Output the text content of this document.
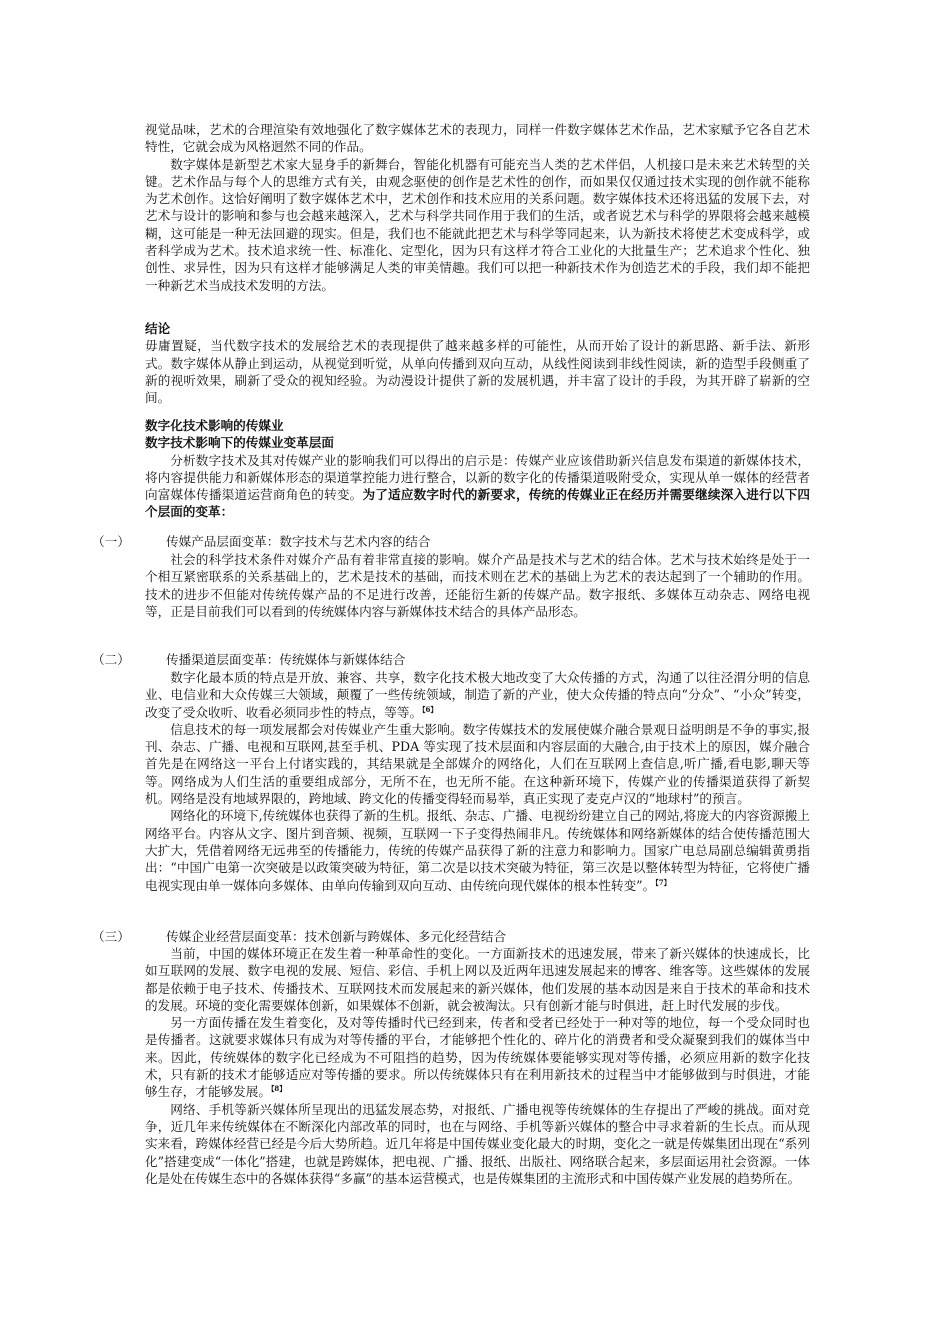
视觉品味，艺术的合理渲染有效地强化了数字媒体艺术的表现力，同样一件数字媒体艺术作品，艺术家赋予它各自艺术特性，它就会成为风格迥然不同的作品。

数字媒体是新型艺术家大显身手的新舞台，智能化机器有可能充当人类的艺术伴侣，人机接口是未来艺术转型的关键。艺术作品与每个人的思维方式有关，由观念驱使的创作是艺术性的创作，而如果仅仅通过技术实现的创作就不能称为艺术创作。这恰好阐明了数字媒体艺术中，艺术创作和技术应用的关系问题。数字媒体技术还将迅猛的发展下去，对艺术与设计的影响和参与也会越来越深入，艺术与科学共同作用于我们的生活，或者说艺术与科学的界限将会越来越模糊，这可能是一种无法回避的现实。但是，我们也不能就此把艺术与科学等同起来，认为新技术将使艺术变成科学，或者科学成为艺术。技术追求统一性、标准化、定型化，因为只有这样才符合工业化的大批量生产；艺术追求个性化、独创性、求异性，因为只有这样才能够满足人类的审美情趣。我们可以把一种新技术作为创造艺术的手段，我们却不能把一种新艺术当成技术发明的方法。

结论

毋庸置疑，当代数字技术的发展给艺术的表现提供了越来越多样的可能性，从而开始了设计的新思路、新手法、新形式。数字媒体从静止到运动，从视觉到听觉，从单向传播到双向互动，从线性阅读到非线性阅读，新的造型手段侧重了新的视听效果，刷新了受众的视知经验。为动漫设计提供了新的发展机遇，并丰富了设计的手段，为其开辟了崭新的空间。

数字化技术影响的传媒业

数字技术影响下的传媒业变革层面

分析数字技术及其对传媒产业的影响我们可以得出的启示是：传媒产业应该借助新兴信息发布渠道的新媒体技术，将内容提供能力和新媒体形态的渠道掌控能力进行整合，以新的数字化的传播渠道吸附受众，实现从单一媒体的经营者向富媒体传播渠道运营商角色的转变。为了适应数字时代的新要求，传统的传媒业正在经历并需要继续深入进行以下四个层面的变革：

（一）	传媒产品层面变革：数字技术与艺术内容的结合

社会的科学技术条件对媒介产品有着非常直接的影响。媒介产品是技术与艺术的结合体。艺术与技术始终是处于一个相互紧密联系的关系基础上的，艺术是技术的基础，而技术则在艺术的基础上为艺术的表达起到了一个辅助的作用。技术的进步不但能对传统传媒产品的不足进行改善，还能衍生新的传媒产品。数字报纸、多媒体互动杂志、网络电视等，正是目前我们可以看到的传统媒体内容与新媒体技术结合的具体产品形态。

（二）	传播渠道层面变革：传统媒体与新媒体结合

数字化最本质的特点是开放、兼容、共享，数字化技术极大地改变了大众传播的方式，沟通了以往泾渭分明的信息业、电信业和大众传媒三大领域，颠覆了一些传统领域，制造了新的产业，使大众传播的特点向“分众”、“小众”转变，改变了受众收听、收看必须同步性的特点，等等。$^{【6】}$

信息技术的每一项发展都会对传媒业产生重大影响。数字传媒技术的发展使媒介融合景观日益明朗是不争的事实,报刊、杂志、广播、电视和互联网,甚至手机、PDA 等实现了技术层面和内容层面的大融合,由于技术上的原因，媒介融合首先是在网络这一平台上付诸实践的，其结果就是全部媒介的网络化，人们在互联网上查信息,听广播,看电影,聊天等等。网络成为人们生活的重要组成部分，无所不在，也无所不能。在这种新环境下，传媒产业的传播渠道获得了新契机。网络是没有地域界限的，跨地域、跨文化的传播变得轻而易举，真正实现了麦克卢汉的“地球村”的预言。

网络化的环境下,传统媒体也获得了新的生机。报纸、杂志、广播、电视纷纷建立自己的网站,将庞大的内容资源搬上网络平台。内容从文字、图片到音频、视频，互联网一下子变得热闹非凡。传统媒体和网络新媒体的结合使传播范围大大扩大，凭借着网络无远弗至的传播能力，传统的传媒产品获得了新的注意力和影响力。国家广电总局副总编辑黄勇指出：“中国广电第一次突破是以政策突破为特征，第二次是以技术突破为特征，第三次是以整体转型为特征，它将使广播电视实现由单一媒体向多媒体、由单向传输到双向互动、由传统向现代媒体的根本性转变”。$^{【7】}$

（三）	传媒企业经营层面变革：技术创新与跨媒体、多元化经营结合

当前，中国的媒体环境正在发生着一种革命性的变化。一方面新技术的迅速发展，带来了新兴媒体的快速成长，比如互联网的发展、数字电视的发展、短信、彩信、手机上网以及近两年迅速发展起来的博客、维客等。这些媒体的发展都是依赖于电子技术、传播技术、互联网技术而发展起来的新兴媒体，他们发展的基本动因是来自于技术的革命和技术的发展。环境的变化需要媒体创新，如果媒体不创新，就会被淘汰。只有创新才能与时俱进，赶上时代发展的步伐。

另一方面传播在发生着变化，及对等传播时代已经到来，传者和受者已经处于一种对等的地位，每一个受众同时也是传播者。这就要求媒体只有成为对等传播的平台，才能够把个性化的、碎片化的消费者和受众凝聚到我们的媒体当中来。因此，传统媒体的数字化已经成为不可阻挡的趋势，因为传统媒体要能够实现对等传播，必须应用新的数字化技术，只有新的技术才能够适应对等传播的要求。所以传统媒体只有在利用新技术的过程当中才能够做到与时俱进，才能够生存，才能够发展。$^{【8】}$

网络、手机等新兴媒体所呈现出的迅猛发展态势，对报纸、广播电视等传统媒体的生存提出了严峻的挑战。面对竞争，近几年来传统媒体在不断深化内部改革的同时，也在与网络、手机等新兴媒体的整合中寻求着新的生长点。而从现实来看，跨媒体经营已经是今后大势所趋。近几年将是中国传媒业变化最大的时期，变化之一就是传媒集团出现在“系列化”搭建变成“一体化”搭建，也就是跨媒体，把电视、广播、报纸、出版社、网络联合起来，多层面运用社会资源。一体化是处在传媒生态中的各媒体获得“多赢”的基本运营模式，也是传媒集团的主流形式和中国传媒产业发展的趋势所在。
